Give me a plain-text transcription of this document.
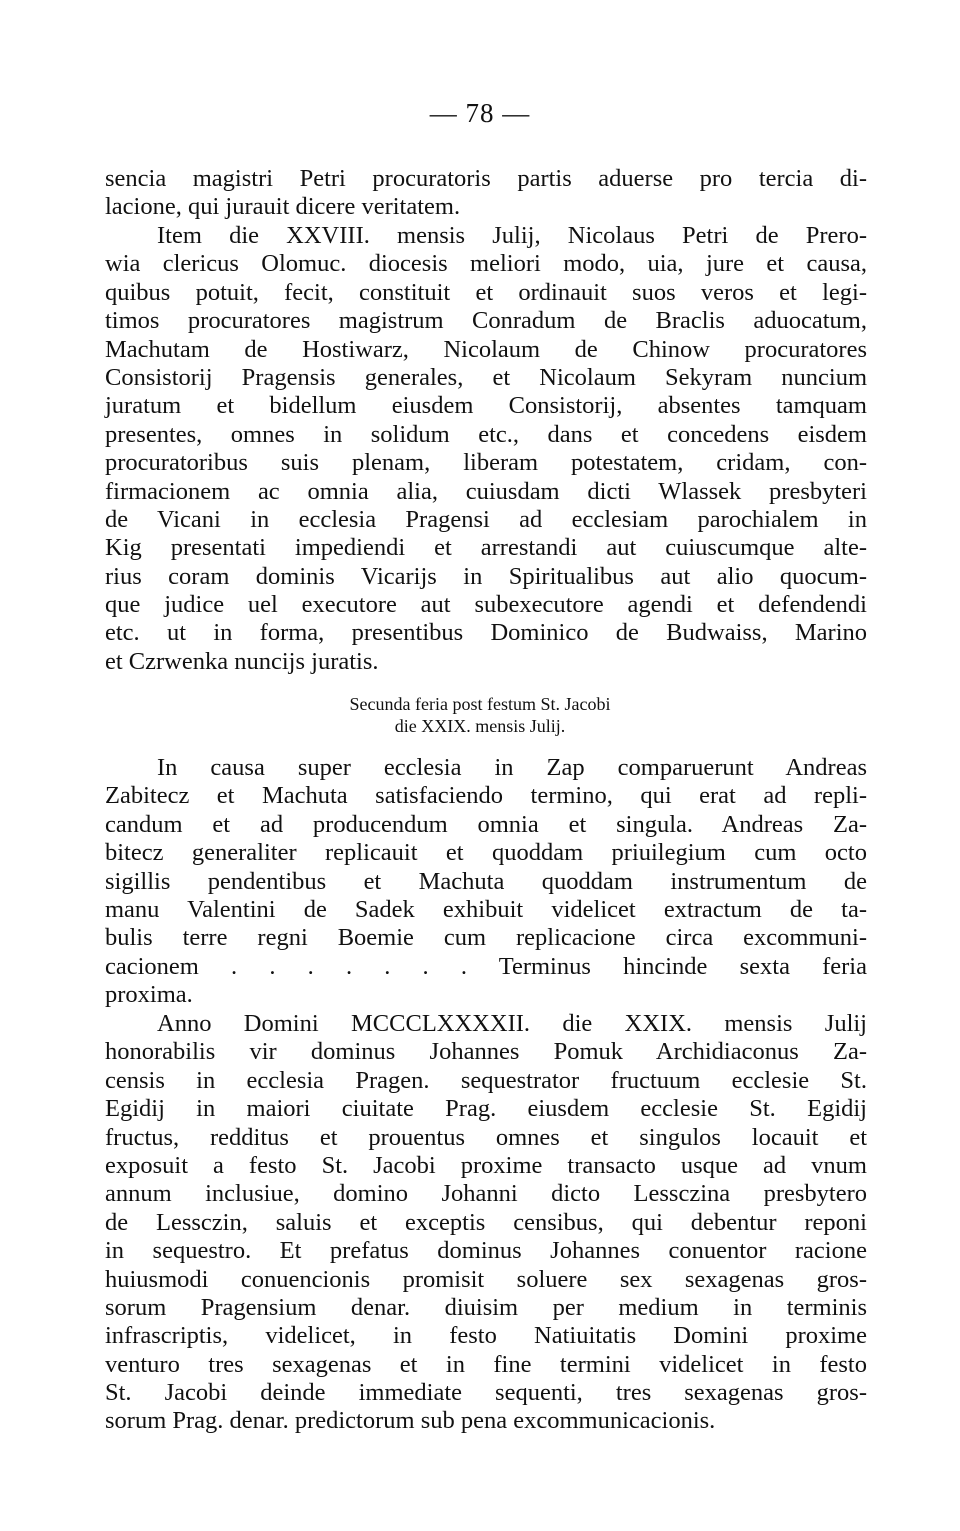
— 78 —
sencia magistri Petri procuratoris partis aduerse pro tercia di-
lacione, qui jurauit dicere veritatem.
Item die XXVIII. mensis Julij, Nicolaus Petri de Prero-
wia clericus Olomuc. diocesis meliori modo, uia, jure et causa,
quibus potuit, fecit, constituit et ordinauit suos veros et legi-
timos procuratores magistrum Conradum de Braclis aduocatum,
Machutam de Hostiwarz, Nicolaum de Chinow procuratores
Consistorij Pragensis generales, et Nicolaum Sekyram nuncium
juratum et bidellum eiusdem Consistorij, absentes tamquam
presentes, omnes in solidum etc., dans et concedens eisdem
procuratoribus suis plenam, liberam potestatem, cridam, con-
firmacionem ac omnia alia, cuiusdam dicti Wlassek presbyteri
de Vicani in ecclesia Pragensi ad ecclesiam parochialem in
Kig presentati impediendi et arrestandi aut cuiuscumque alte-
rius coram dominis Vicarijs in Spiritualibus aut alio quocum-
que judice uel executore aut subexecutore agendi et defendendi
etc. ut in forma, presentibus Dominico de Budwaiss, Marino
et Czrwenka nuncijs juratis.
Secunda feria post festum St. Jacobi
die XXIX. mensis Julij.
In causa super ecclesia in Zap comparuerunt Andreas
Zabitecz et Machuta satisfaciendo termino, qui erat ad repli-
candum et ad producendum omnia et singula. Andreas Za-
bitecz generaliter replicauit et quoddam priuilegium cum octo
sigillis pendentibus et Machuta quoddam instrumentum de
manu Valentini de Sadek exhibuit videlicet extractum de ta-
bulis terre regni Boemie cum replicacione circa excommuni-
cacionem . . . . . . . Terminus hincinde sexta feria
proxima.
Anno Domini MCCCLXXXXII. die XXIX. mensis Julij
honorabilis vir dominus Johannes Pomuk Archidiaconus Za-
censis in ecclesia Pragen. sequestrator fructuum ecclesie St.
Egidij in maiori ciuitate Prag. eiusdem ecclesie St. Egidij
fructus, redditus et prouentus omnes et singulos locauit et
exposuit a festo St. Jacobi proxime transacto usque ad vnum
annum inclusiue, domino Johanni dicto Lessczina presbytero
de Lessczin, saluis et exceptis censibus, qui debentur reponi
in sequestro. Et prefatus dominus Johannes conuentor racione
huiusmodi conuencionis promisit soluere sex sexagenas gros-
sorum Pragensium denar. diuisim per medium in terminis
infrascriptis, videlicet, in festo Natiuitatis Domini proxime
venturo tres sexagenas et in fine termini videlicet in festo
St. Jacobi deinde immediate sequenti, tres sexagenas gros-
sorum Prag. denar. predictorum sub pena excommunicacionis.
